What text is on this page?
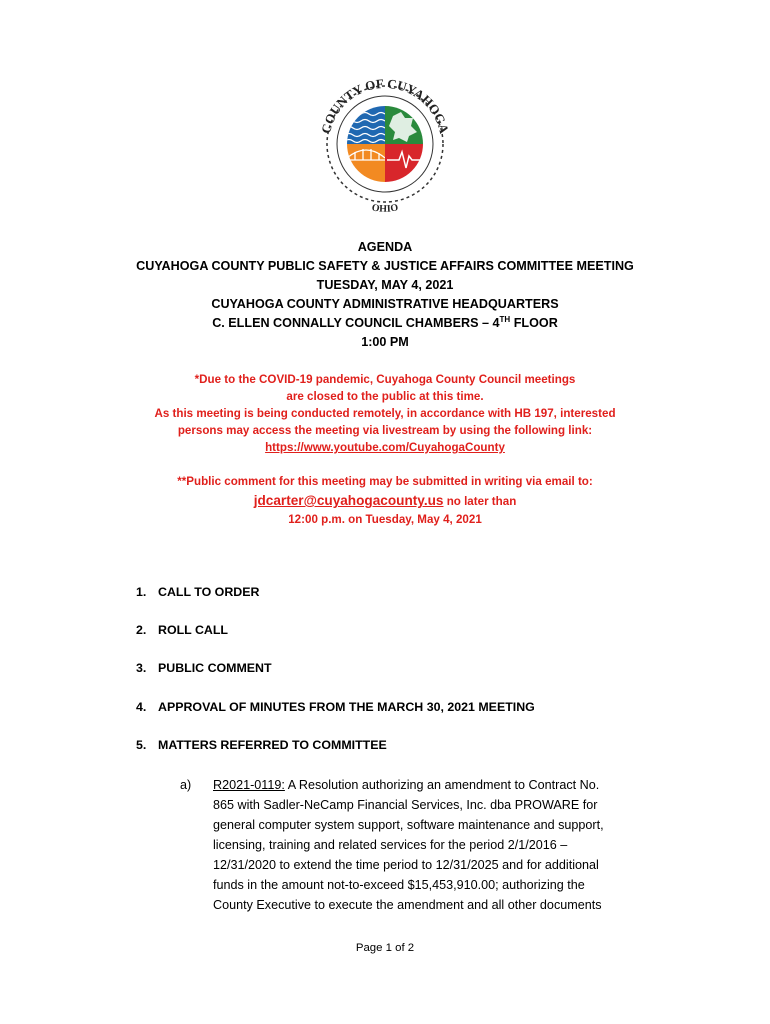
COUNTY OF CUYAHOGA
OHIO
AGENDA
CUYAHOGA COUNTY PUBLIC SAFETY & JUSTICE AFFAIRS COMMITTEE MEETING
TUESDAY, MAY 4, 2021
CUYAHOGA COUNTY ADMINISTRATIVE HEADQUARTERS
C. ELLEN CONNALLY COUNCIL CHAMBERS – 4TH FLOOR
1:00 PM
*Due to the COVID-19 pandemic, Cuyahoga County Council meetings
are closed to the public at this time.
As this meeting is being conducted remotely, in accordance with HB 197, interested
persons may access the meeting via livestream by using the following link:
https://www.youtube.com/CuyahogaCounty
**Public comment for this meeting may be submitted in writing via email to:
jdcarter@cuyahogacounty.us no later than
12:00 p.m. on Tuesday, May 4, 2021
1. CALL TO ORDER
2. ROLL CALL
3. PUBLIC COMMENT
4. APPROVAL OF MINUTES FROM THE MARCH 30, 2021 MEETING
5. MATTERS REFERRED TO COMMITTEE
a) R2021-0119: A Resolution authorizing an amendment to Contract No.
865 with Sadler-NeCamp Financial Services, Inc. dba PROWARE for
general computer system support, software maintenance and support,
licensing, training and related services for the period 2/1/2016 –
12/31/2020 to extend the time period to 12/31/2025 and for additional
funds in the amount not-to-exceed $15,453,910.00; authorizing the
County Executive to execute the amendment and all other documents
Page 1 of 2
